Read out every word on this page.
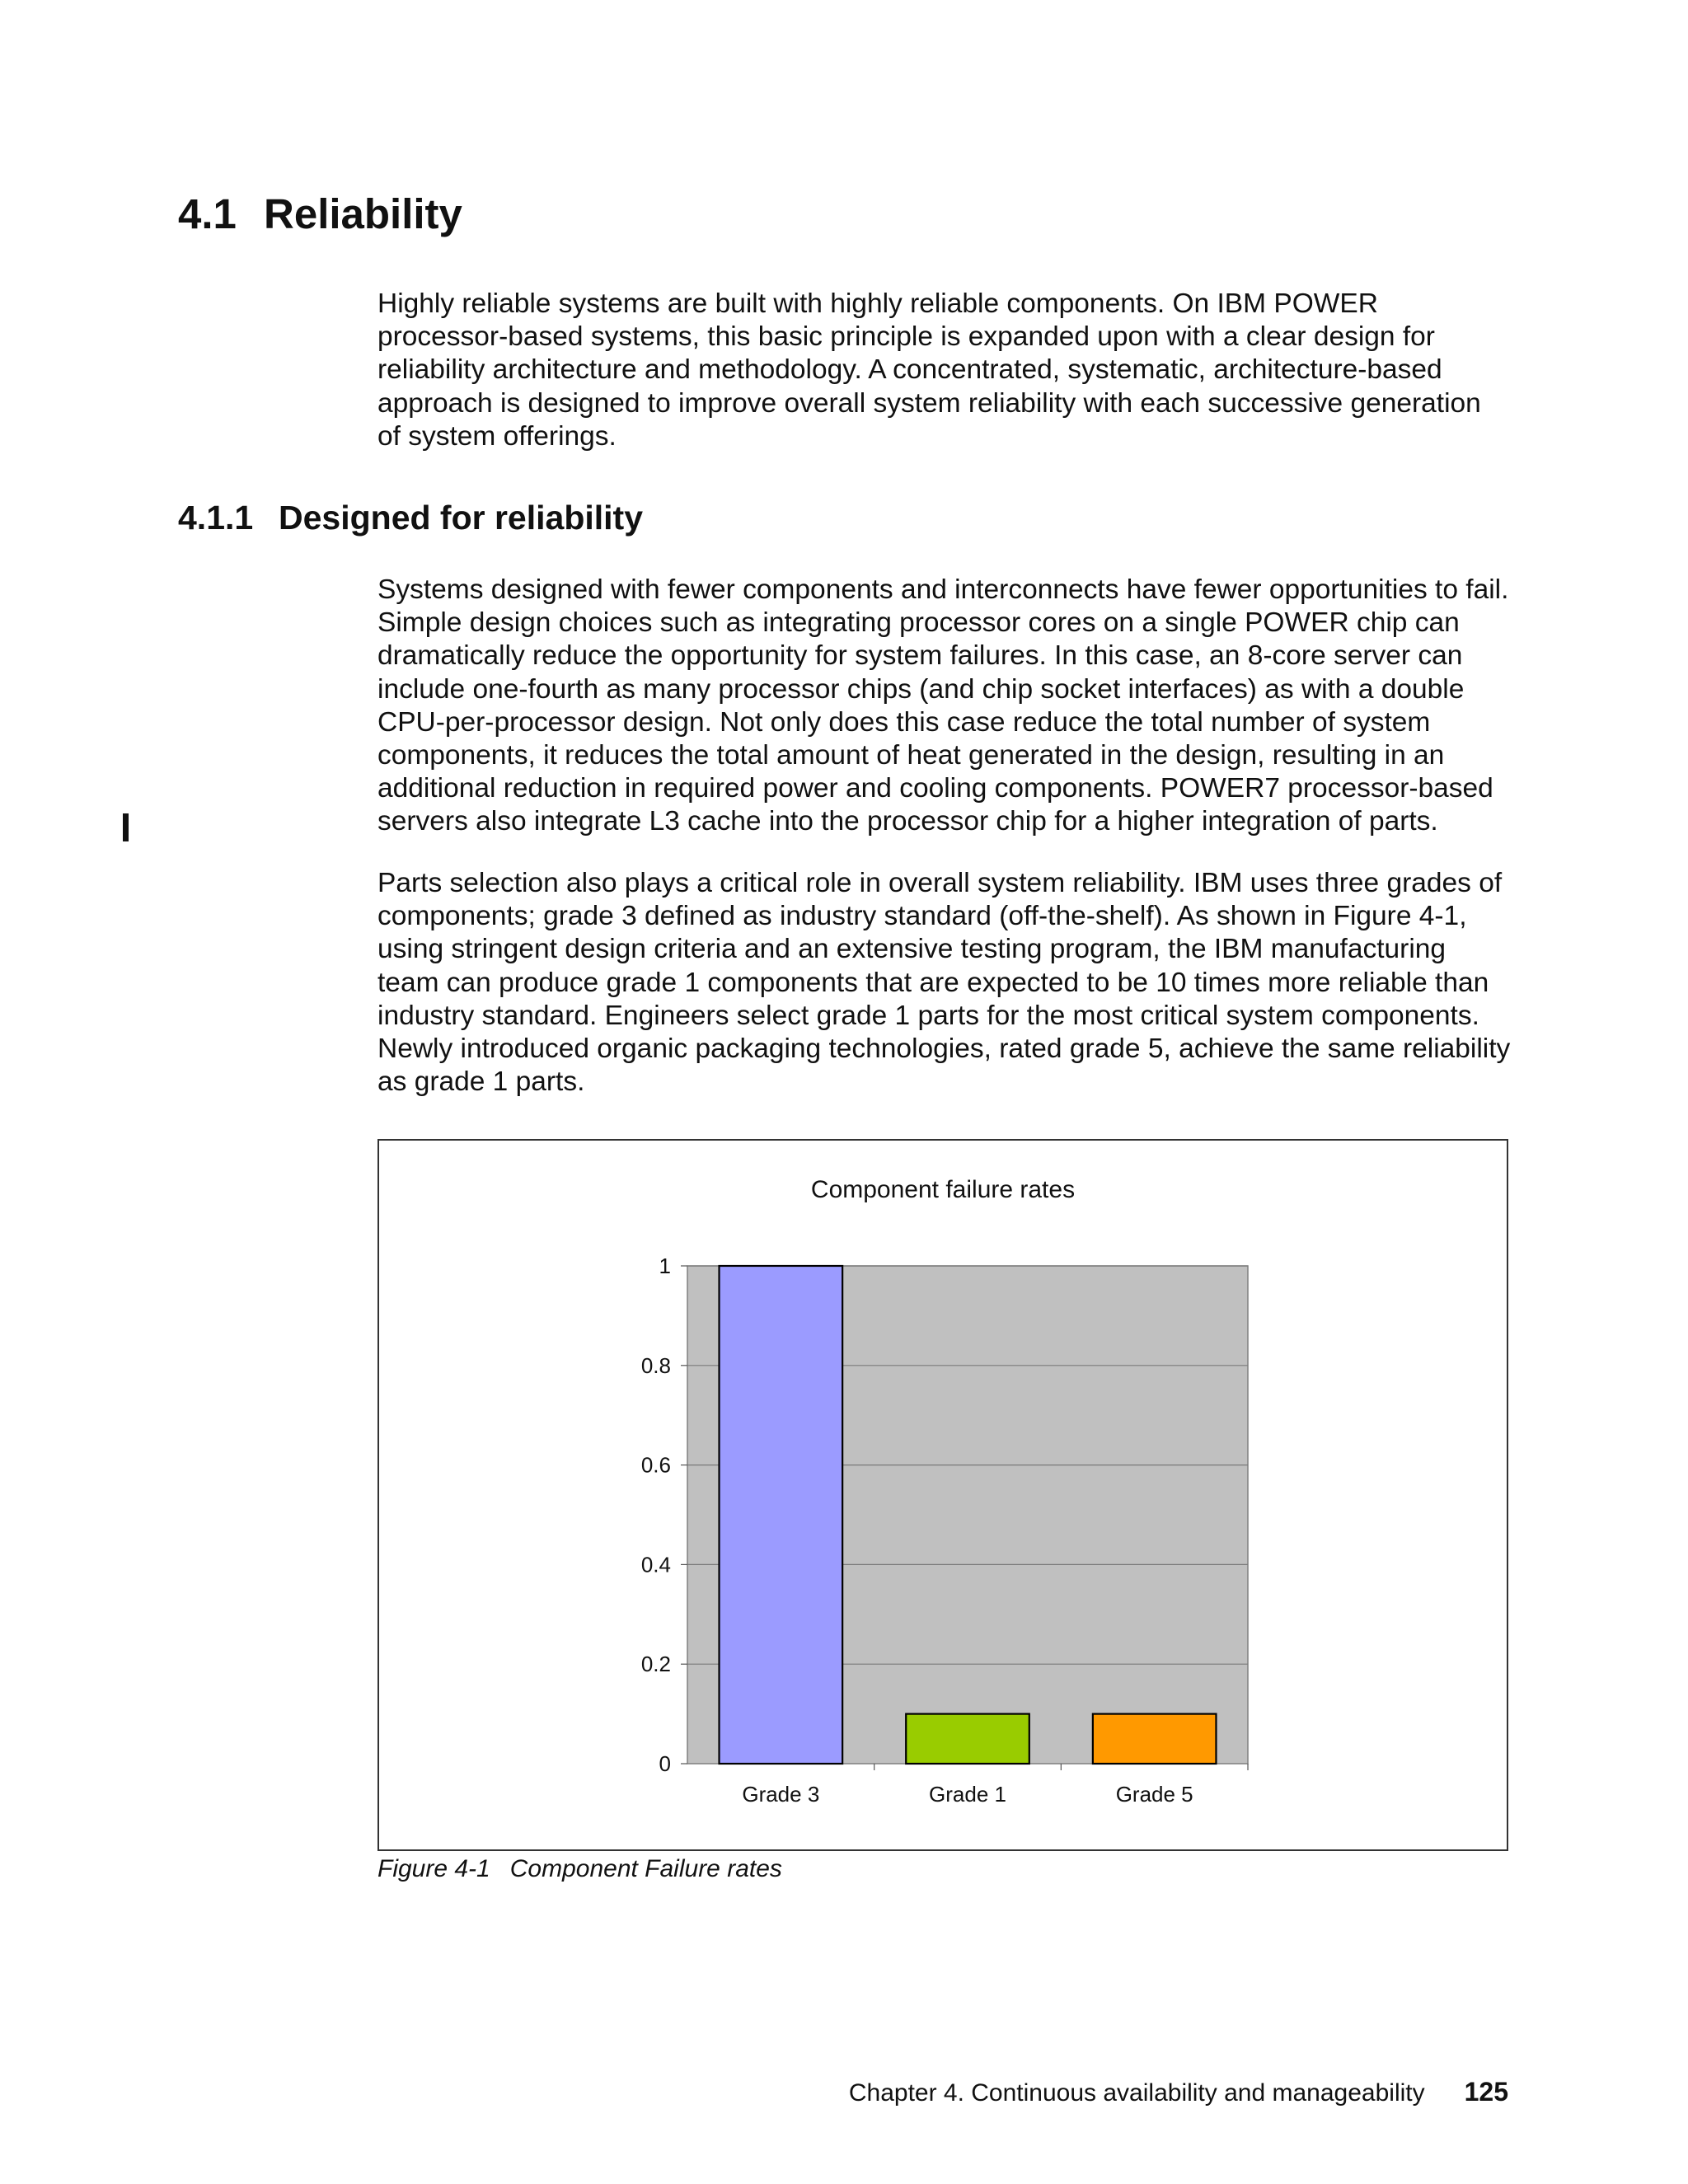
4.1 Reliability

Highly reliable systems are built with highly reliable components. On IBM POWER processor-based systems, this basic principle is expanded upon with a clear design for reliability architecture and methodology. A concentrated, systematic, architecture-based approach is designed to improve overall system reliability with each successive generation of system offerings.

4.1.1 Designed for reliability

Systems designed with fewer components and interconnects have fewer opportunities to fail. Simple design choices such as integrating processor cores on a single POWER chip can dramatically reduce the opportunity for system failures. In this case, an 8-core server can include one-fourth as many processor chips (and chip socket interfaces) as with a double CPU-per-processor design. Not only does this case reduce the total number of system components, it reduces the total amount of heat generated in the design, resulting in an additional reduction in required power and cooling components. POWER7 processor-based servers also integrate L3 cache into the processor chip for a higher integration of parts.

Parts selection also plays a critical role in overall system reliability. IBM uses three grades of components; grade 3 defined as industry standard (off-the-shelf). As shown in Figure 4-1, using stringent design criteria and an extensive testing program, the IBM manufacturing team can produce grade 1 components that are expected to be 10 times more reliable than industry standard. Engineers select grade 1 parts for the most critical system components. Newly introduced organic packaging technologies, rated grade 5, achieve the same reliability as grade 1 parts.

Component failure rates
0
0.2
0.4
0.6
0.8
1
Grade 3	Grade 1	Grade 5

Figure 4-1 Component Failure rates

Chapter 4. Continuous availability and manageability 125
